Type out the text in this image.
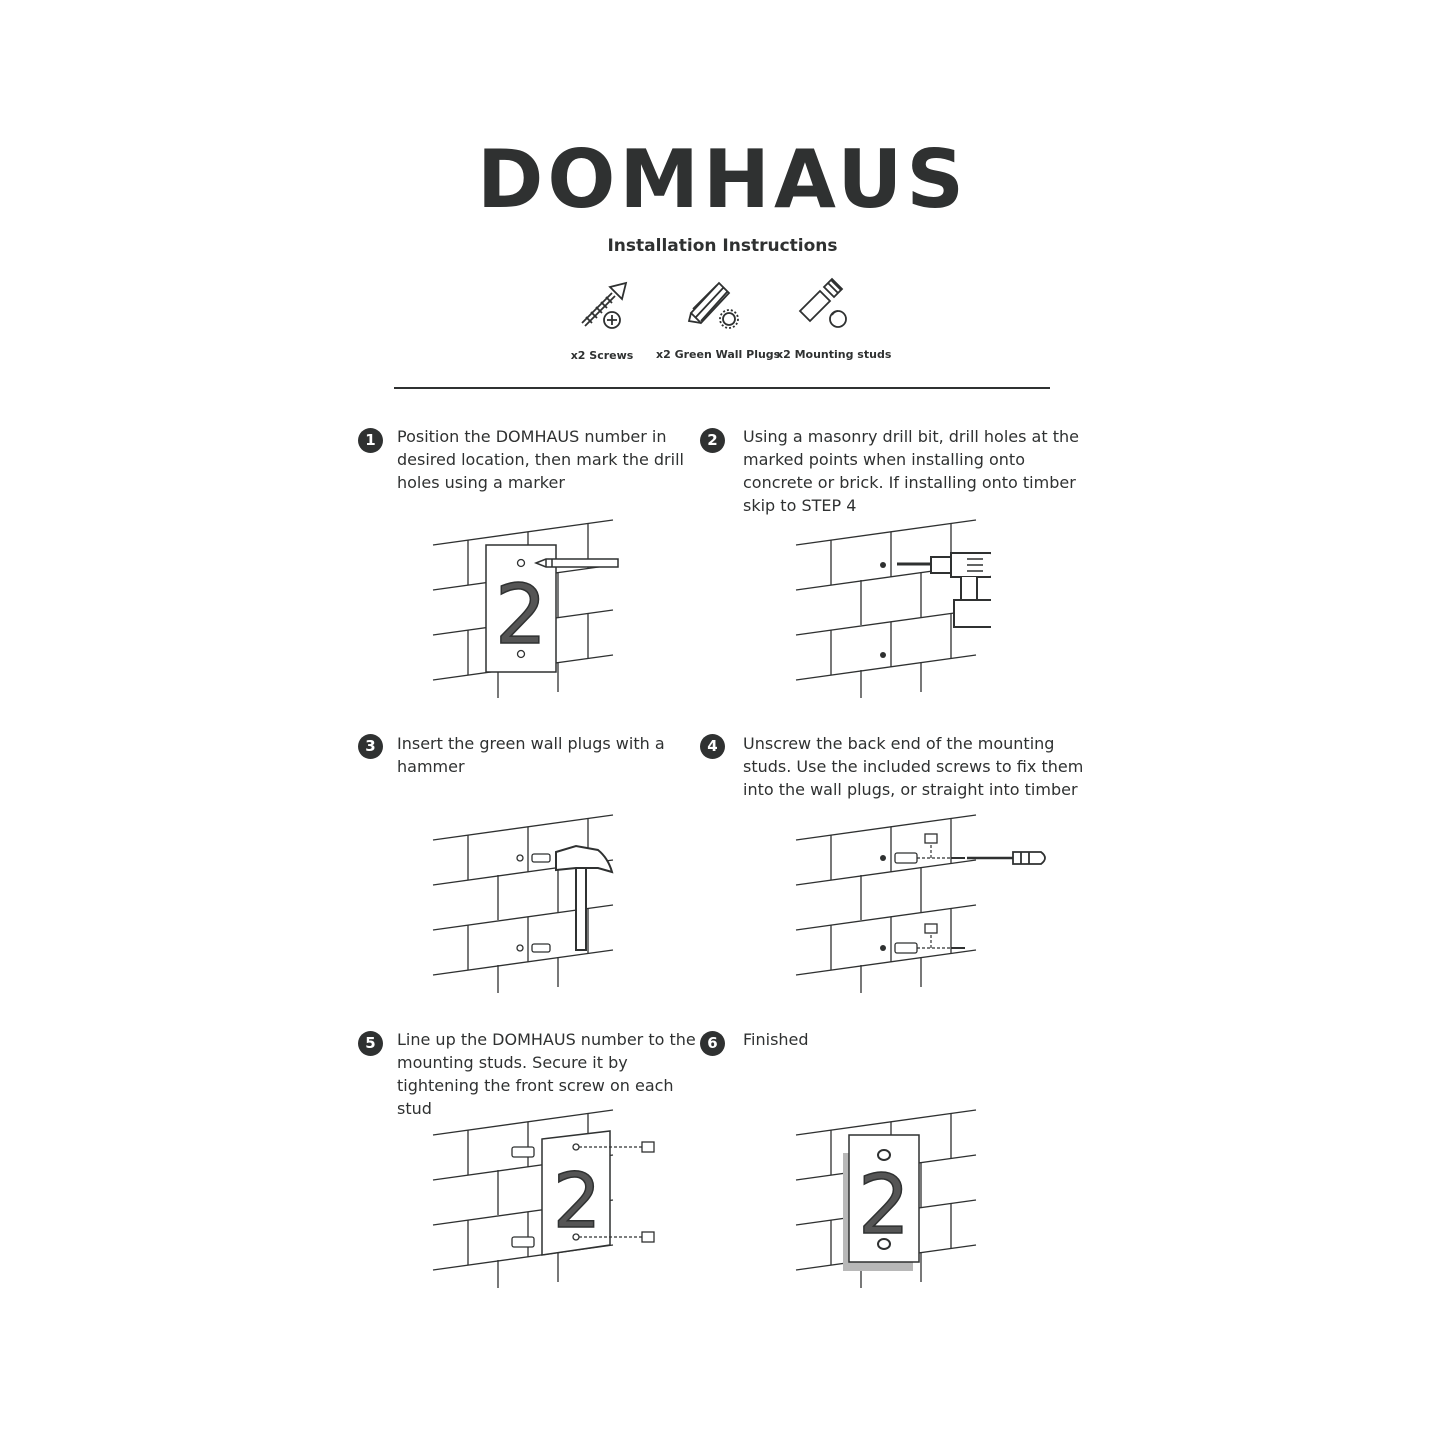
DOMHAUS
Installation Instructions
x2 Screws	x2 Green Wall Plugs
x2 Mounting studs
1	Position the DOMHAUS number in desired location, then mark the drill holes using a marker
2
2	Using a masonry drill bit, drill holes at the marked points when installing onto concrete or brick. If installing onto timber skip to STEP 4
3	Insert the green wall plugs with a hammer
4	Unscrew the back end of the mounting studs. Use the included screws to fix them into the wall plugs, or straight into timber
5	Line up the DOMHAUS number to the mounting studs. Secure it by tightening the front screw on each stud
2
6	Finished
2
